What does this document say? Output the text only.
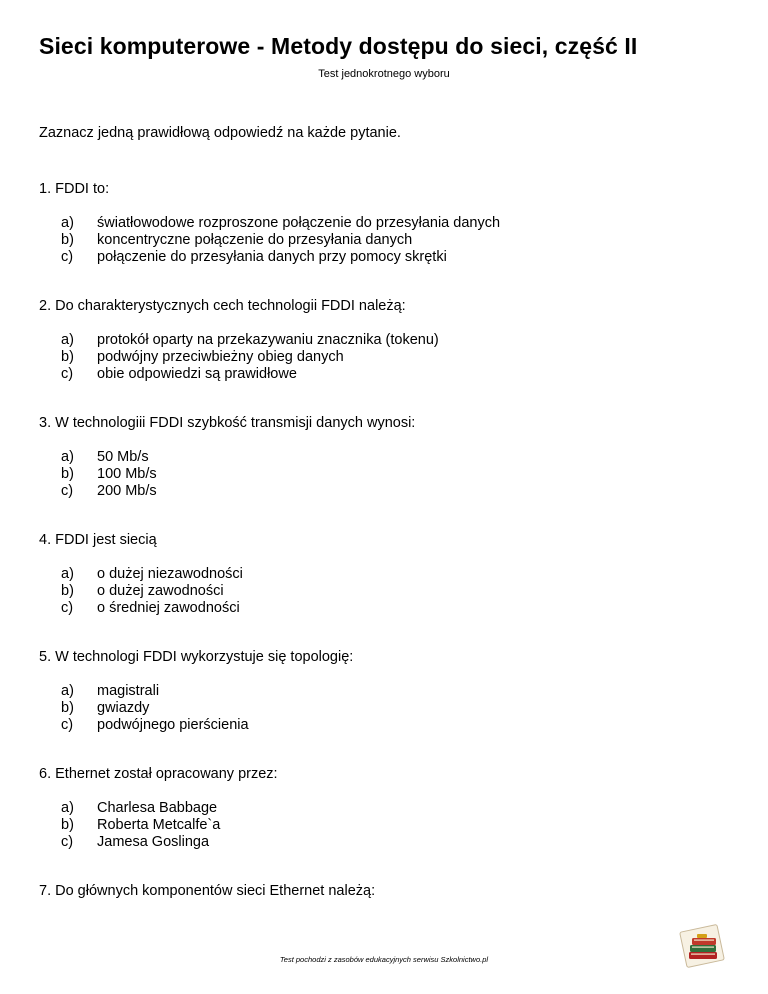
Sieci komputerowe - Metody dostępu do sieci, część II
Test jednokrotnego wyboru
Zaznacz jedną prawidłową odpowiedź na każde pytanie.
1. FDDI to:
a)	światłowodowe rozproszone połączenie do przesyłania danych
b)	koncentryczne połączenie do przesyłania danych
c)	połączenie do przesyłania danych przy pomocy skrętki
2. Do charakterystycznych cech technologii FDDI należą:
a)	protokół oparty na przekazywaniu znacznika (tokenu)
b)	podwójny przeciwbieżny obieg danych
c)	obie odpowiedzi są prawidłowe
3. W technologiii FDDI szybkość transmisji danych wynosi:
a)	50 Mb/s
b)	100 Mb/s
c)	200 Mb/s
4. FDDI jest siecią
a)	o dużej niezawodności
b)	o dużej zawodności
c)	o średniej zawodności
5. W technologi FDDI wykorzystuje się topologię:
a)	magistrali
b)	gwiazdy
c)	podwójnego pierścienia
6. Ethernet został opracowany przez:
a)	Charlesa Babbage
b)	Roberta Metcalfe`a
c)	Jamesa Goslinga
7. Do głównych komponentów sieci Ethernet należą:
Test pochodzi z zasobów edukacyjnych serwisu Szkolnictwo.pl
